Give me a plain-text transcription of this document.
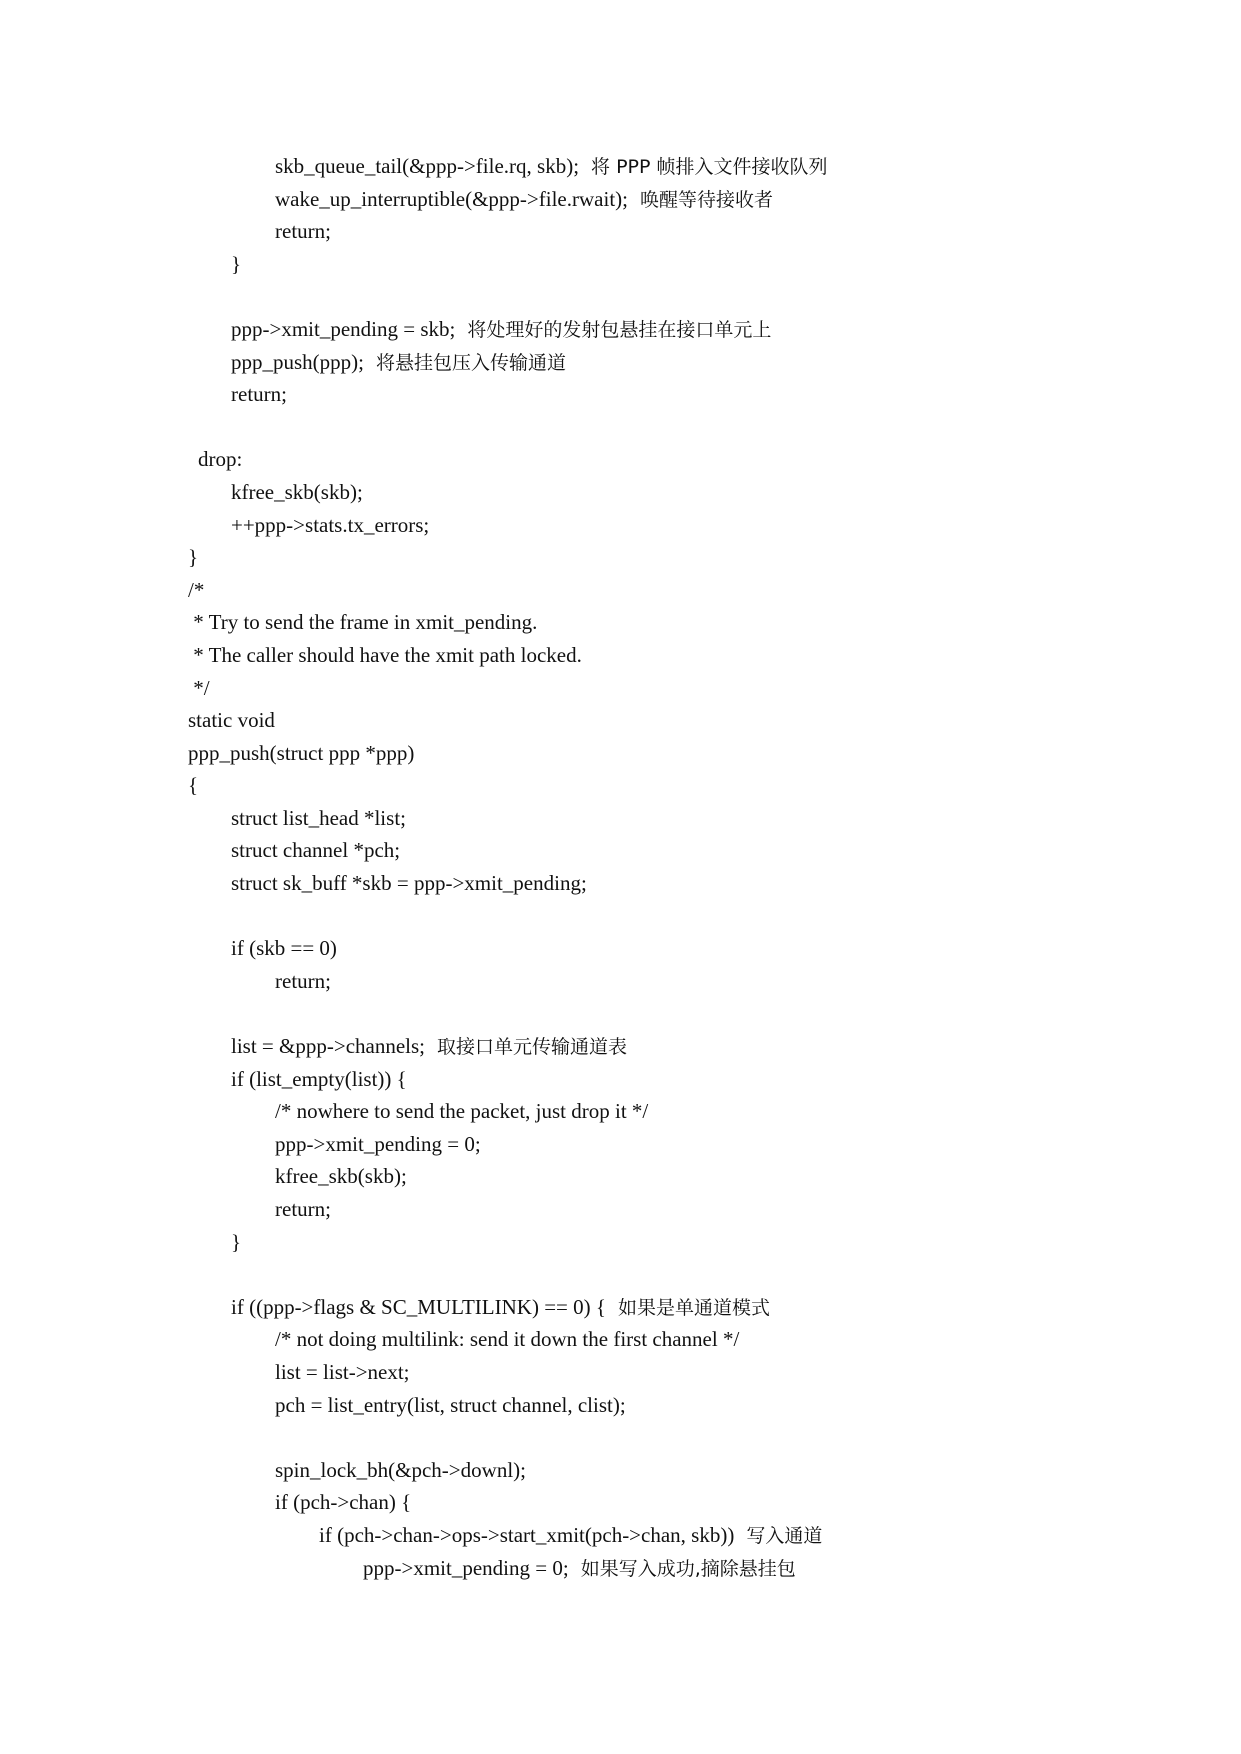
skb_queue_tail(&ppp->file.rq, skb); 将 PPP 帧排入文件接收队列
wake_up_interruptible(&ppp->file.rwait); 唤醒等待接收者
return;
}
ppp->xmit_pending = skb; 将处理好的发射包悬挂在接口单元上
ppp_push(ppp); 将悬挂包压入传输通道
return;
drop:
kfree_skb(skb);
++ppp->stats.tx_errors;
}
/*
* Try to send the frame in xmit_pending.
* The caller should have the xmit path locked.
*/
static void
ppp_push(struct ppp *ppp)
{
struct list_head *list;
struct channel *pch;
struct sk_buff *skb = ppp->xmit_pending;
if (skb == 0)
return;
list = &ppp->channels; 取接口单元传输通道表
if (list_empty(list)) {
/* nowhere to send the packet, just drop it */
ppp->xmit_pending = 0;
kfree_skb(skb);
return;
}
if ((ppp->flags & SC_MULTILINK) == 0) { 如果是单通道模式
/* not doing multilink: send it down the first channel */
list = list->next;
pch = list_entry(list, struct channel, clist);
spin_lock_bh(&pch->downl);
if (pch->chan) {
if (pch->chan->ops->start_xmit(pch->chan, skb)) 写入通道
ppp->xmit_pending = 0; 如果写入成功,摘除悬挂包
